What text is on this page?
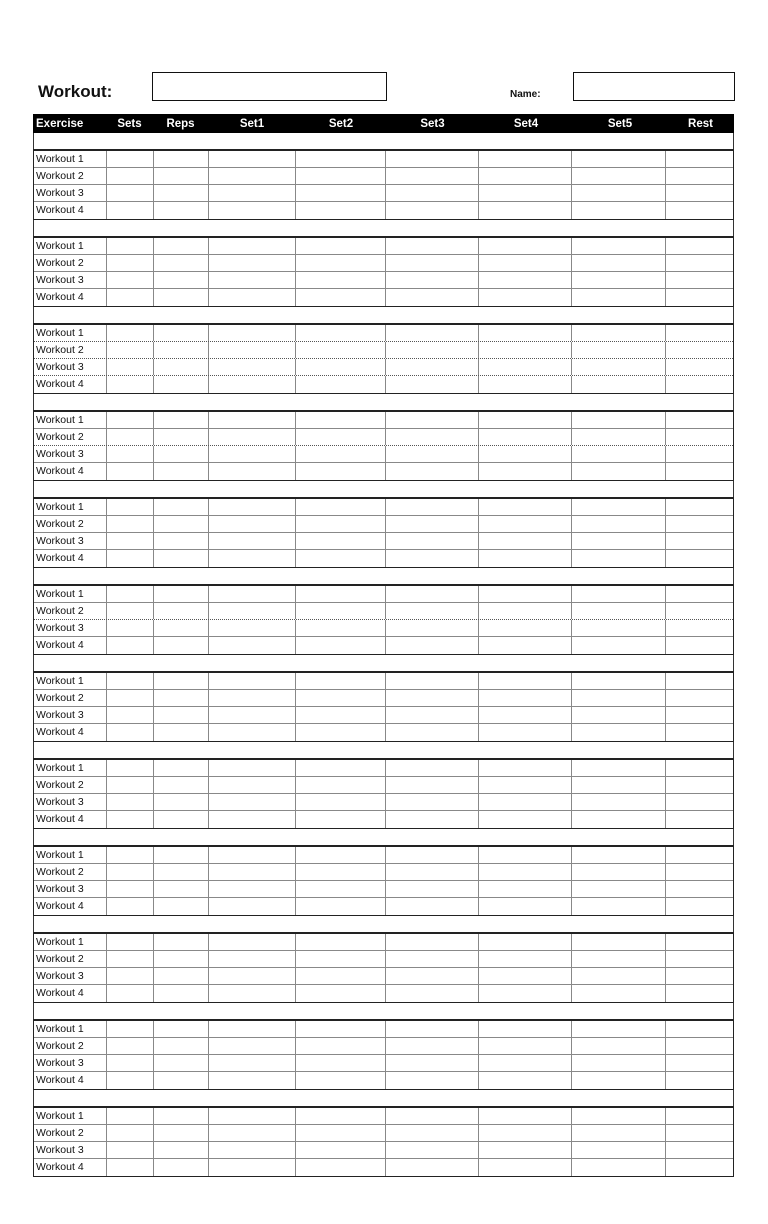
Workout:	Name:
Exercise	Sets	Reps	Set1	Set2	Set3	Set4	Set5	Rest
Workout 1
Workout 2
Workout 3
Workout 4
Workout 1
Workout 2
Workout 3
Workout 4
Workout 1
Workout 2
Workout 3
Workout 4
Workout 1
Workout 2
Workout 3
Workout 4
Workout 1
Workout 2
Workout 3
Workout 4
Workout 1
Workout 2
Workout 3
Workout 4
Workout 1
Workout 2
Workout 3
Workout 4
Workout 1
Workout 2
Workout 3
Workout 4
Workout 1
Workout 2
Workout 3
Workout 4
Workout 1
Workout 2
Workout 3
Workout 4
Workout 1
Workout 2
Workout 3
Workout 4
Workout 1
Workout 2
Workout 3
Workout 4
